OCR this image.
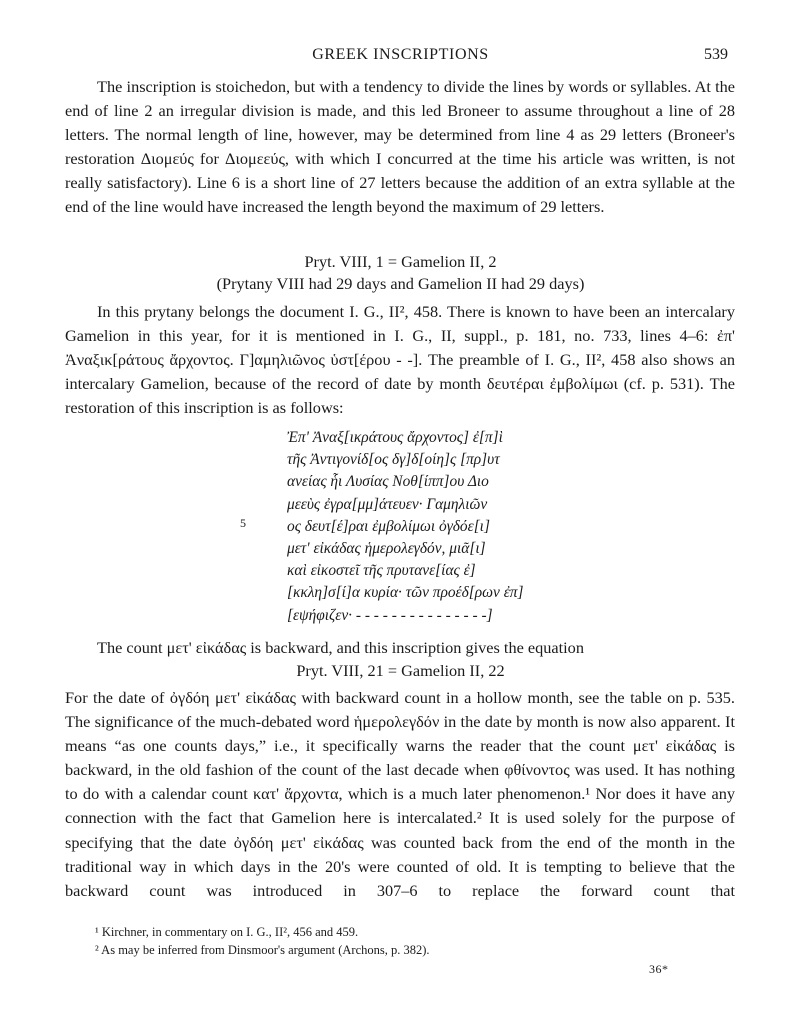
GREEK INSCRIPTIONS	539

The inscription is stoichedon, but with a tendency to divide the lines by words or syllables. At the end of line 2 an irregular division is made, and this led Broneer to assume throughout a line of 28 letters. The normal length of line, however, may be determined from line 4 as 29 letters (Broneer's restoration Διομεύς for Διομεεύς, with which I concurred at the time his article was written, is not really satisfactory). Line 6 is a short line of 27 letters because the addition of an extra syllable at the end of the line would have increased the length beyond the maximum of 29 letters.

Pryt. VIII, 1 = Gamelion II, 2
(Prytany VIII had 29 days and Gamelion II had 29 days)

In this prytany belongs the document I. G., II², 458. There is known to have been an intercalary Gamelion in this year, for it is mentioned in I. G., II, suppl., p. 181, no. 733, lines 4–6: ἐπ' Ἀναξικ[ράτους ἄρχοντος. Γ]αμηλιῶνος ὑστ[έρου - -]. The preamble of I. G., II², 458 also shows an intercalary Gamelion, because of the record of date by month δευτέραι ἐμβολίμωι (cf. p. 531). The restoration of this inscription is as follows:

5
Ἐπ' Ἀναξ[ικράτους ἄρχοντος] ἐ[π]ὶ
τῆς Ἀντιγονίδ[ος δγ]δ[οίη]ς [πρ]υτ
ανείας ἧι Λυσίας Νοθ[ίππ]ου Διο
μεεὺς ἐγρα[μμ]άτευεν· Γαμηλιῶν
ος δευτ[έ]ραι ἐμβολίμωι ὀγδόε[ι]
μετ' εἰκάδας ἡμερολεγδόν, μιᾶ[ι]
καὶ εἰκοστεῖ τῆς πρυτανε[ίας ἐ]
[κκλη]σ[ί]α κυρία· τῶν προέδ[ρων ἐπ]
[εψήφιζεν· - - - - - - - - - - - - - - -]

The count μετ' εἰκάδας is backward, and this inscription gives the equation

Pryt. VIII, 21 = Gamelion II, 22

For the date of ὀγδόη μετ' εἰκάδας with backward count in a hollow month, see the table on p. 535. The significance of the much-debated word ἡμερολεγδόν in the date by month is now also apparent. It means “as one counts days,” i.e., it specifically warns the reader that the count μετ' εἰκάδας is backward, in the old fashion of the count of the last decade when φθίνοντος was used. It has nothing to do with a calendar count κατ' ἄρχοντα, which is a much later phenomenon.¹ Nor does it have any connection with the fact that Gamelion here is intercalated.² It is used solely for the purpose of specifying that the date ὀγδόη μετ' εἰκάδας was counted back from the end of the month in the traditional way in which days in the 20's were counted of old. It is tempting to believe that the backward count was introduced in 307–6 to replace the forward count that

¹ Kirchner, in commentary on I. G., II², 456 and 459.
² As may be inferred from Dinsmoor's argument (Archons, p. 382).
36*
